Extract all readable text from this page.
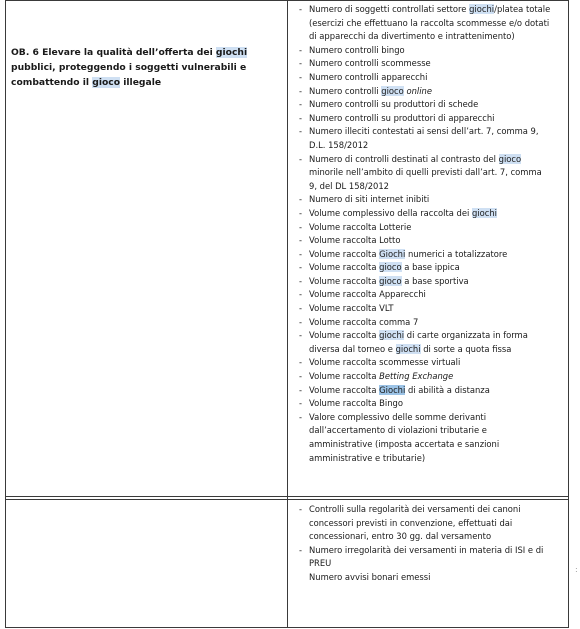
OB. 6 Elevare la qualità dell’offerta dei giochi pubblici, proteggendo i soggetti vulnerabili e combattendo il gioco illegale
- Numero di soggetti controllati settore giochi/platea totale (esercizi che effettuano la raccolta scommesse e/o dotati di apparecchi da divertimento e intrattenimento)
- Numero controlli bingo
- Numero controlli scommesse
- Numero controlli apparecchi
- Numero controlli gioco online
- Numero controlli su produttori di schede
- Numero controlli su produttori di apparecchi
- Numero illeciti contestati ai sensi dell’art. 7, comma 9, D.L. 158/2012
- Numero di controlli destinati al contrasto del gioco minorile nell’ambito di quelli previsti dall’art. 7, comma 9, del DL 158/2012
- Numero di siti internet inibiti
- Volume complessivo della raccolta dei giochi
- Volume raccolta Lotterie
- Volume raccolta Lotto
- Volume raccolta Giochi numerici a totalizzatore
- Volume raccolta gioco a base ippica
- Volume raccolta gioco a base sportiva
- Volume raccolta Apparecchi
- Volume raccolta VLT
- Volume raccolta comma 7
- Volume raccolta giochi di carte organizzata in forma diversa dal torneo e giochi di sorte a quota fissa
- Volume raccolta scommesse virtuali
- Volume raccolta Betting Exchange
- Volume raccolta Giochi di abilità a distanza
- Volume raccolta Bingo
- Valore complessivo delle somme derivanti dall’accertamento di violazioni tributarie e amministrative (imposta accertata e sanzioni amministrative e tributarie)
- Controlli sulla regolarità dei versamenti dei canoni concessori previsti in convenzione, effettuati dai concessionari, entro 30 gg. dal versamento
- Numero irregolarità dei versamenti in materia di ISI e di PREU
Numero avvisi bonari emessi
:
